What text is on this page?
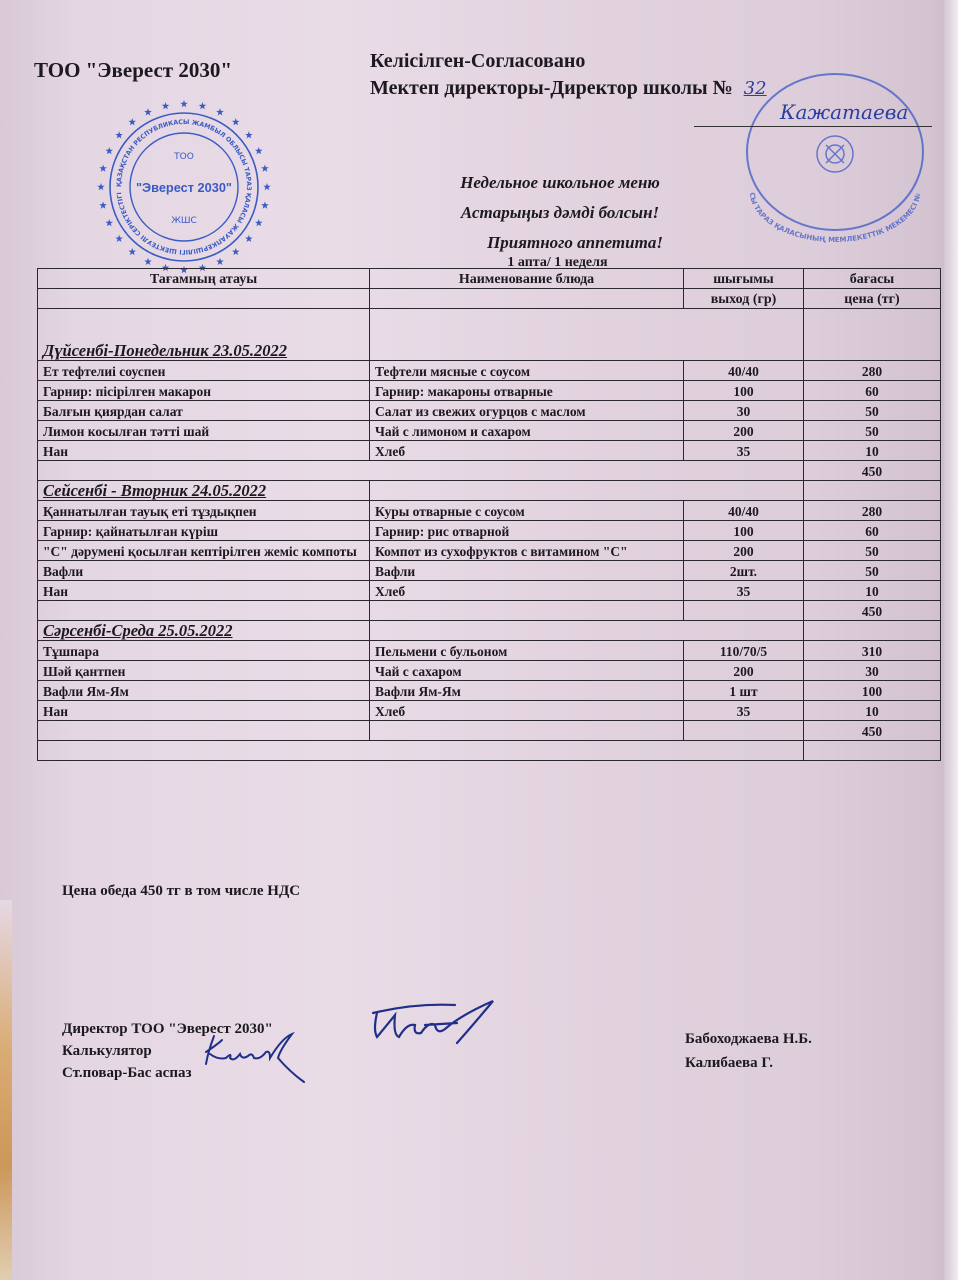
ТОО "Эверест 2030"	Келісілген-Согласовано
Мектеп директоры-Директор школы № 32
БІЛІМ БАСҚАРМАСЫ ТАРАЗ ҚАЛАСЫНЫҢ МЕМЛЕКЕТТІК МЕКЕМЕСІ №32 ОРТА МЕКТЕБІ
Кажатаева
ҚАЗАҚСТАН РЕСПУБЛИКАСЫ ЖАМБЫЛ ОБЛЫСЫ ТАРАЗ ҚАЛАСЫ ЖАУАПКЕРШІЛІГІ ШЕКТЕУЛІ СЕРІКТЕСТІГІ
ТОО
"Эверест 2030"
ЖШС
Недельное школьное меню
Астарыңыз дәмді болсын!
Приятного аппетита!
1 апта/ 1 неделя
Тағамның атауы	Наименование блюда	шығымы	бағасы
		выход (гр)	цена (тг)
Дүйсенбі-Понедельник 23.05.2022			
Ет тефтелиі соуспен	Тефтели мясные с соусом	40/40	280
Гарнир: пісірілген макарон	Гарнир: макароны отварные	100	60
Балғын қиярдан салат	Салат из свежих огурцов с маслом	30	50
Лимон косылған тәтті шай	Чай с лимоном и сахаром	200	50
Нан	Хлеб	35	10
			450
Сейсенбі - Вторник 24.05.2022			
Қаннатылған тауық еті тұздықпен	Куры отварные с соусом	40/40	280
Гарнир: қайнатылған күріш	Гарнир: рис отварной	100	60
"С" дәрумені қосылған кептірілген жеміс компоты	Компот из сухофруктов с витамином "С"	200	50
Вафли	Вафли	2шт.	50
Нан	Хлеб	35	10
			450
Сәрсенбі-Среда 25.05.2022			
Тұшпара	Пельмени с бульоном	110/70/5	310
Шәй қантпен	Чай с сахаром	200	30
Вафли Ям-Ям	Вафли Ям-Ям	1 шт	100
Нан	Хлеб	35	10
			450

Цена обеда 450 тг в том числе НДС
Директор ТОО "Эверест 2030"
Калькулятор
Ст.повар-Бас аспаз
Бабоходжаева Н.Б.
Калибаева Г.
